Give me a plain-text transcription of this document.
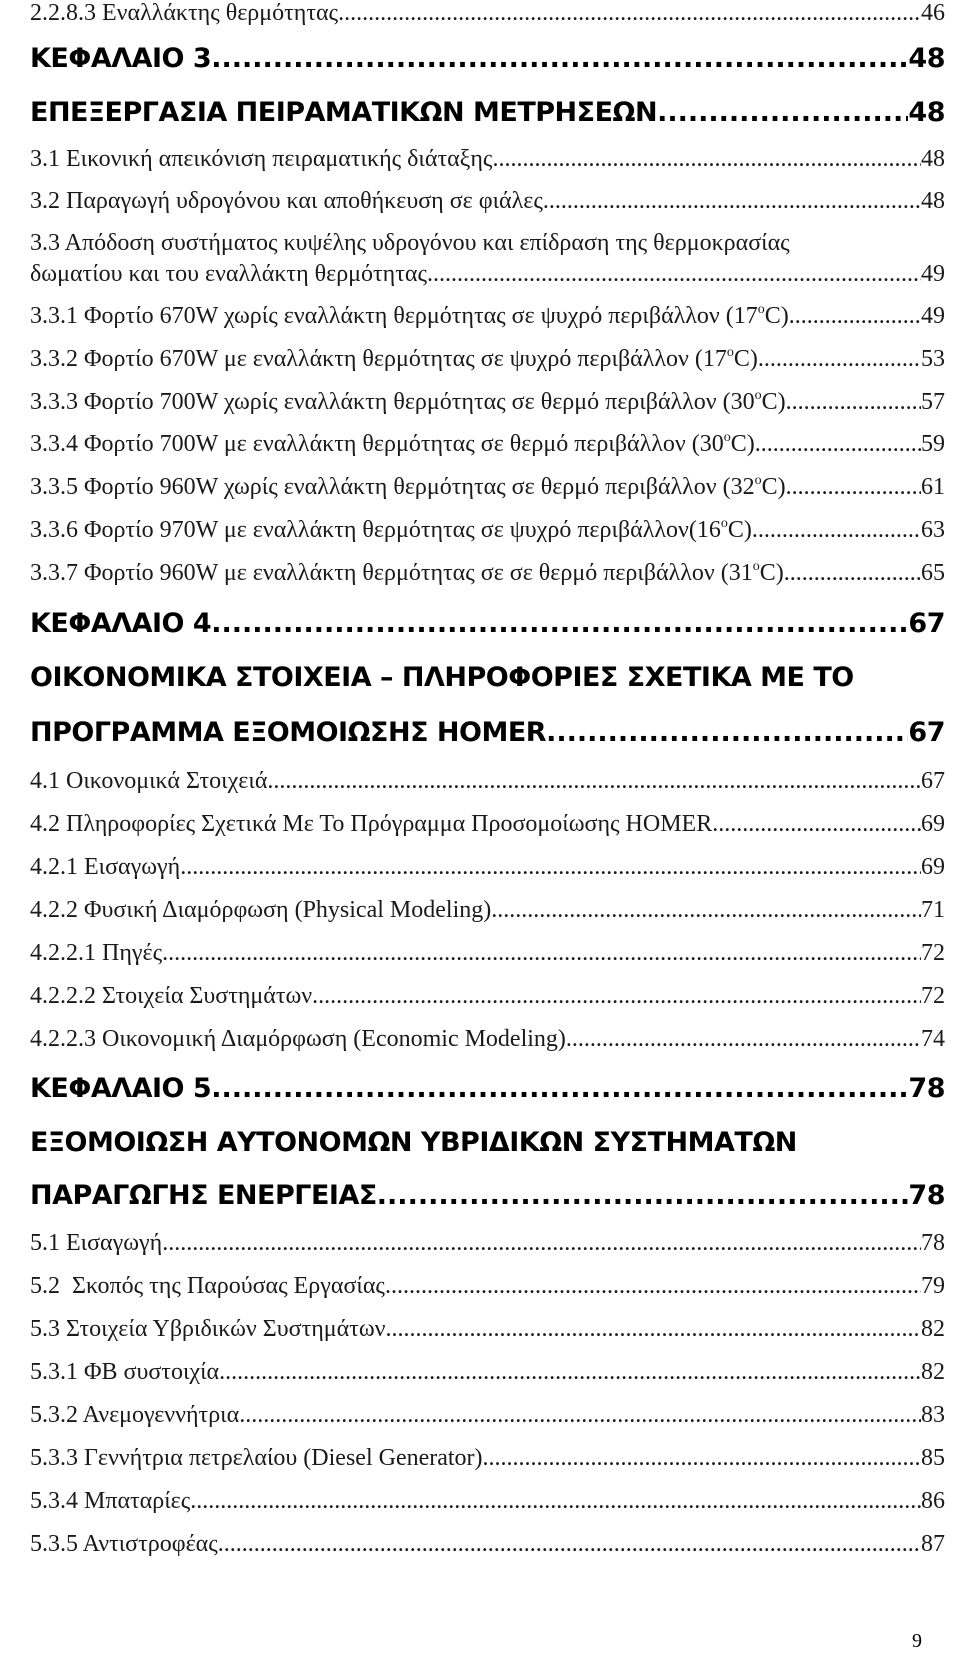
2.2.8.3 Εναλλάκτης θερμότητας .....	46
ΚΕΦΑΛΑΙΟ 3 .....	48
ΕΠΕΞΕΡΓΑΣΙΑ ΠΕΙΡΑΜΑΤΙΚΩΝ ΜΕΤΡΗΣΕΩΝ .....	48
3.1 Εικονική απεικόνιση πειραματικής διάταξης .....	48
3.2 Παραγωγή υδρογόνου και αποθήκευση σε φιάλες .....	48
3.3 Απόδοση συστήματος κυψέλης υδρογόνου και επίδραση της θερμοκρασίας
δωματίου και του εναλλάκτη θερμότητας .....	49
3.3.1 Φορτίο 670W χωρίς εναλλάκτη θερμότητας σε ψυχρό περιβάλλον $(17^oC)$ .....	49
3.3.2 Φορτίο 670W με εναλλάκτη θερμότητας σε ψυχρό περιβάλλον $(17^oC)$ .....	53
3.3.3 Φορτίο 700W χωρίς εναλλάκτη θερμότητας σε θερμό περιβάλλον $(30^oC)$ .....	57
3.3.4 Φορτίο 700W με εναλλάκτη θερμότητας σε θερμό περιβάλλον $(30^oC)$ .....	59
3.3.5 Φορτίο 960W χωρίς εναλλάκτη θερμότητας σε θερμό περιβάλλον $(32^oC)$ .....	61
3.3.6 Φορτίο 970W με εναλλάκτη θερμότητας σε ψυχρό $\pi\varepsilon\rho\iota\beta ά\lambda\lambda o\nu(16^oC)$ .....	63
3.3.7 Φορτίο 960W με εναλλάκτη θερμότητας σε σε θερμό περιβάλλον $(31^oC)$ .....	65
ΚΕΦΑΛΑΙΟ 4 .....	67
ΟΙΚΟΝΟΜΙΚΑ ΣΤΟΙΧΕΙΑ – ΠΛΗΡΟΦΟΡΙΕΣ ΣΧΕΤΙΚΑ ΜΕ ΤΟ
ΠΡΟΓΡΑΜΜΑ ΕΞΟΜΟΙΩΣΗΣ HOMER .....	67
4.1 Οικονομικά Στοιχειά .....	67
4.2 Πληροφορίες Σχετικά Με Το Πρόγραμμα Προσομοίωσης HOMER .....	69
4.2.1 Εισαγωγή .....	69
4.2.2 Φυσική Διαμόρφωση (Physical Modeling) .....	71
4.2.2.1 Πηγές .....	72
4.2.2.2 Στοιχεία Συστημάτων .....	72
4.2.2.3 Οικονομική Διαμόρφωση (Economic Modeling) .....	74
ΚΕΦΑΛΑΙΟ 5 .....	78
ΕΞΟΜΟΙΩΣΗ ΑΥΤΟΝΟΜΩΝ ΥΒΡΙΔΙΚΩΝ ΣΥΣΤΗΜΑΤΩΝ
ΠΑΡΑΓΩΓΗΣ ΕΝΕΡΓΕΙΑΣ .....	78
5.1 Εισαγωγή .....	78
5.2  Σκοπός της Παρούσας Εργασίας .....	79
5.3 Στοιχεία Υβριδικών Συστημάτων .....	82
5.3.1 ΦΒ συστοιχία .....	82
5.3.2 Ανεμογεννήτρια .....	83
5.3.3 Γεννήτρια πετρελαίου (Diesel Generator) .....	85
5.3.4 Μπαταρίες .....	86
5.3.5 Αντιστροφέας .....	87
9
